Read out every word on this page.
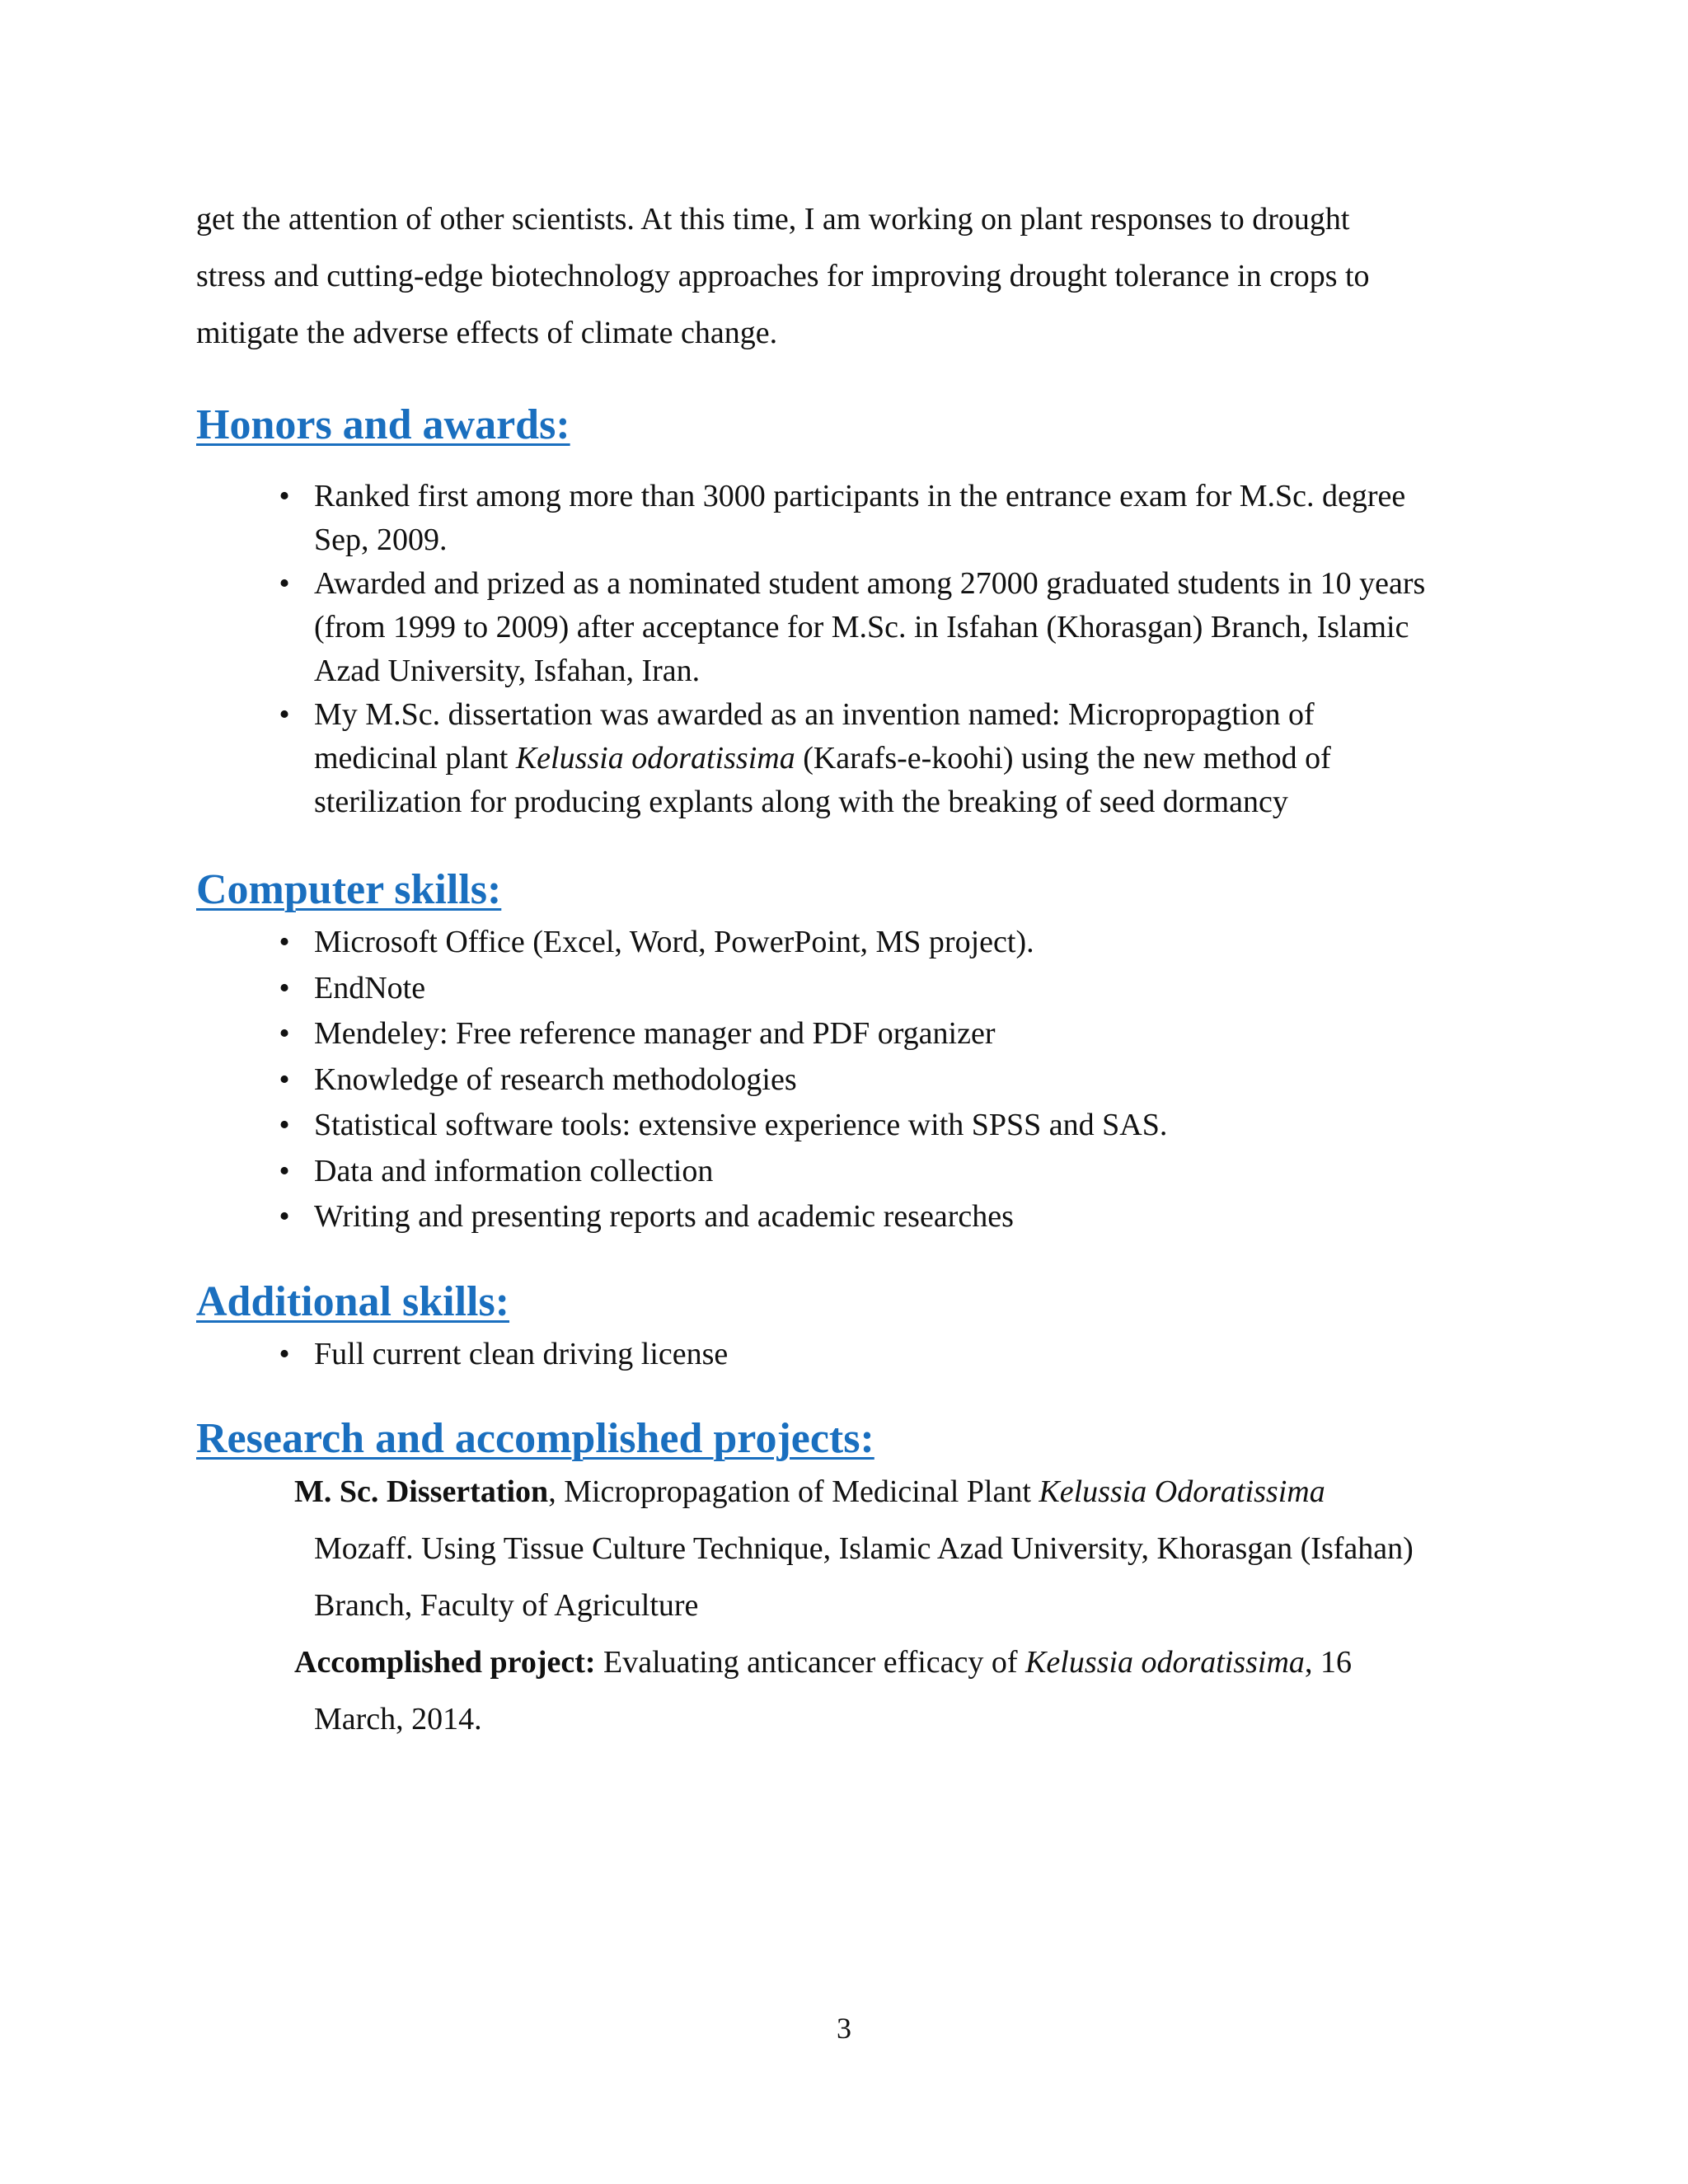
get the attention of other scientists. At this time, I am working on plant responses to drought

stress and cutting-edge biotechnology approaches for improving drought tolerance in crops to

mitigate the adverse effects of climate change.

Honors and awards:
• Ranked first among more than 3000 participants in the entrance exam for M.Sc. degree
Sep, 2009.
• Awarded and prized as a nominated student among 27000 graduated students in 10 years
(from 1999 to 2009) after acceptance for M.Sc. in Isfahan (Khorasgan) Branch, Islamic
Azad University, Isfahan, Iran.
• My M.Sc. dissertation was awarded as an invention named: Micropropagtion of
medicinal plant Kelussia odoratissima (Karafs-e-koohi) using the new method of
sterilization for producing explants along with the breaking of seed dormancy
Computer skills:
• Microsoft Office (Excel, Word, PowerPoint, MS project).
• EndNote
• Mendeley: Free reference manager and PDF organizer
• Knowledge of research methodologies
• Statistical software tools: extensive experience with SPSS and SAS.
• Data and information collection
• Writing and presenting reports and academic researches
Additional skills:
• Full current clean driving license
Research and accomplished projects:

M. Sc. Dissertation, Micropropagation of Medicinal Plant Kelussia Odoratissima
Mozaff. Using Tissue Culture Technique, Islamic Azad University, Khorasgan (Isfahan)
Branch, Faculty of Agriculture

Accomplished project: Evaluating anticancer efficacy of Kelussia odoratissima, 16
March, 2014.

3
